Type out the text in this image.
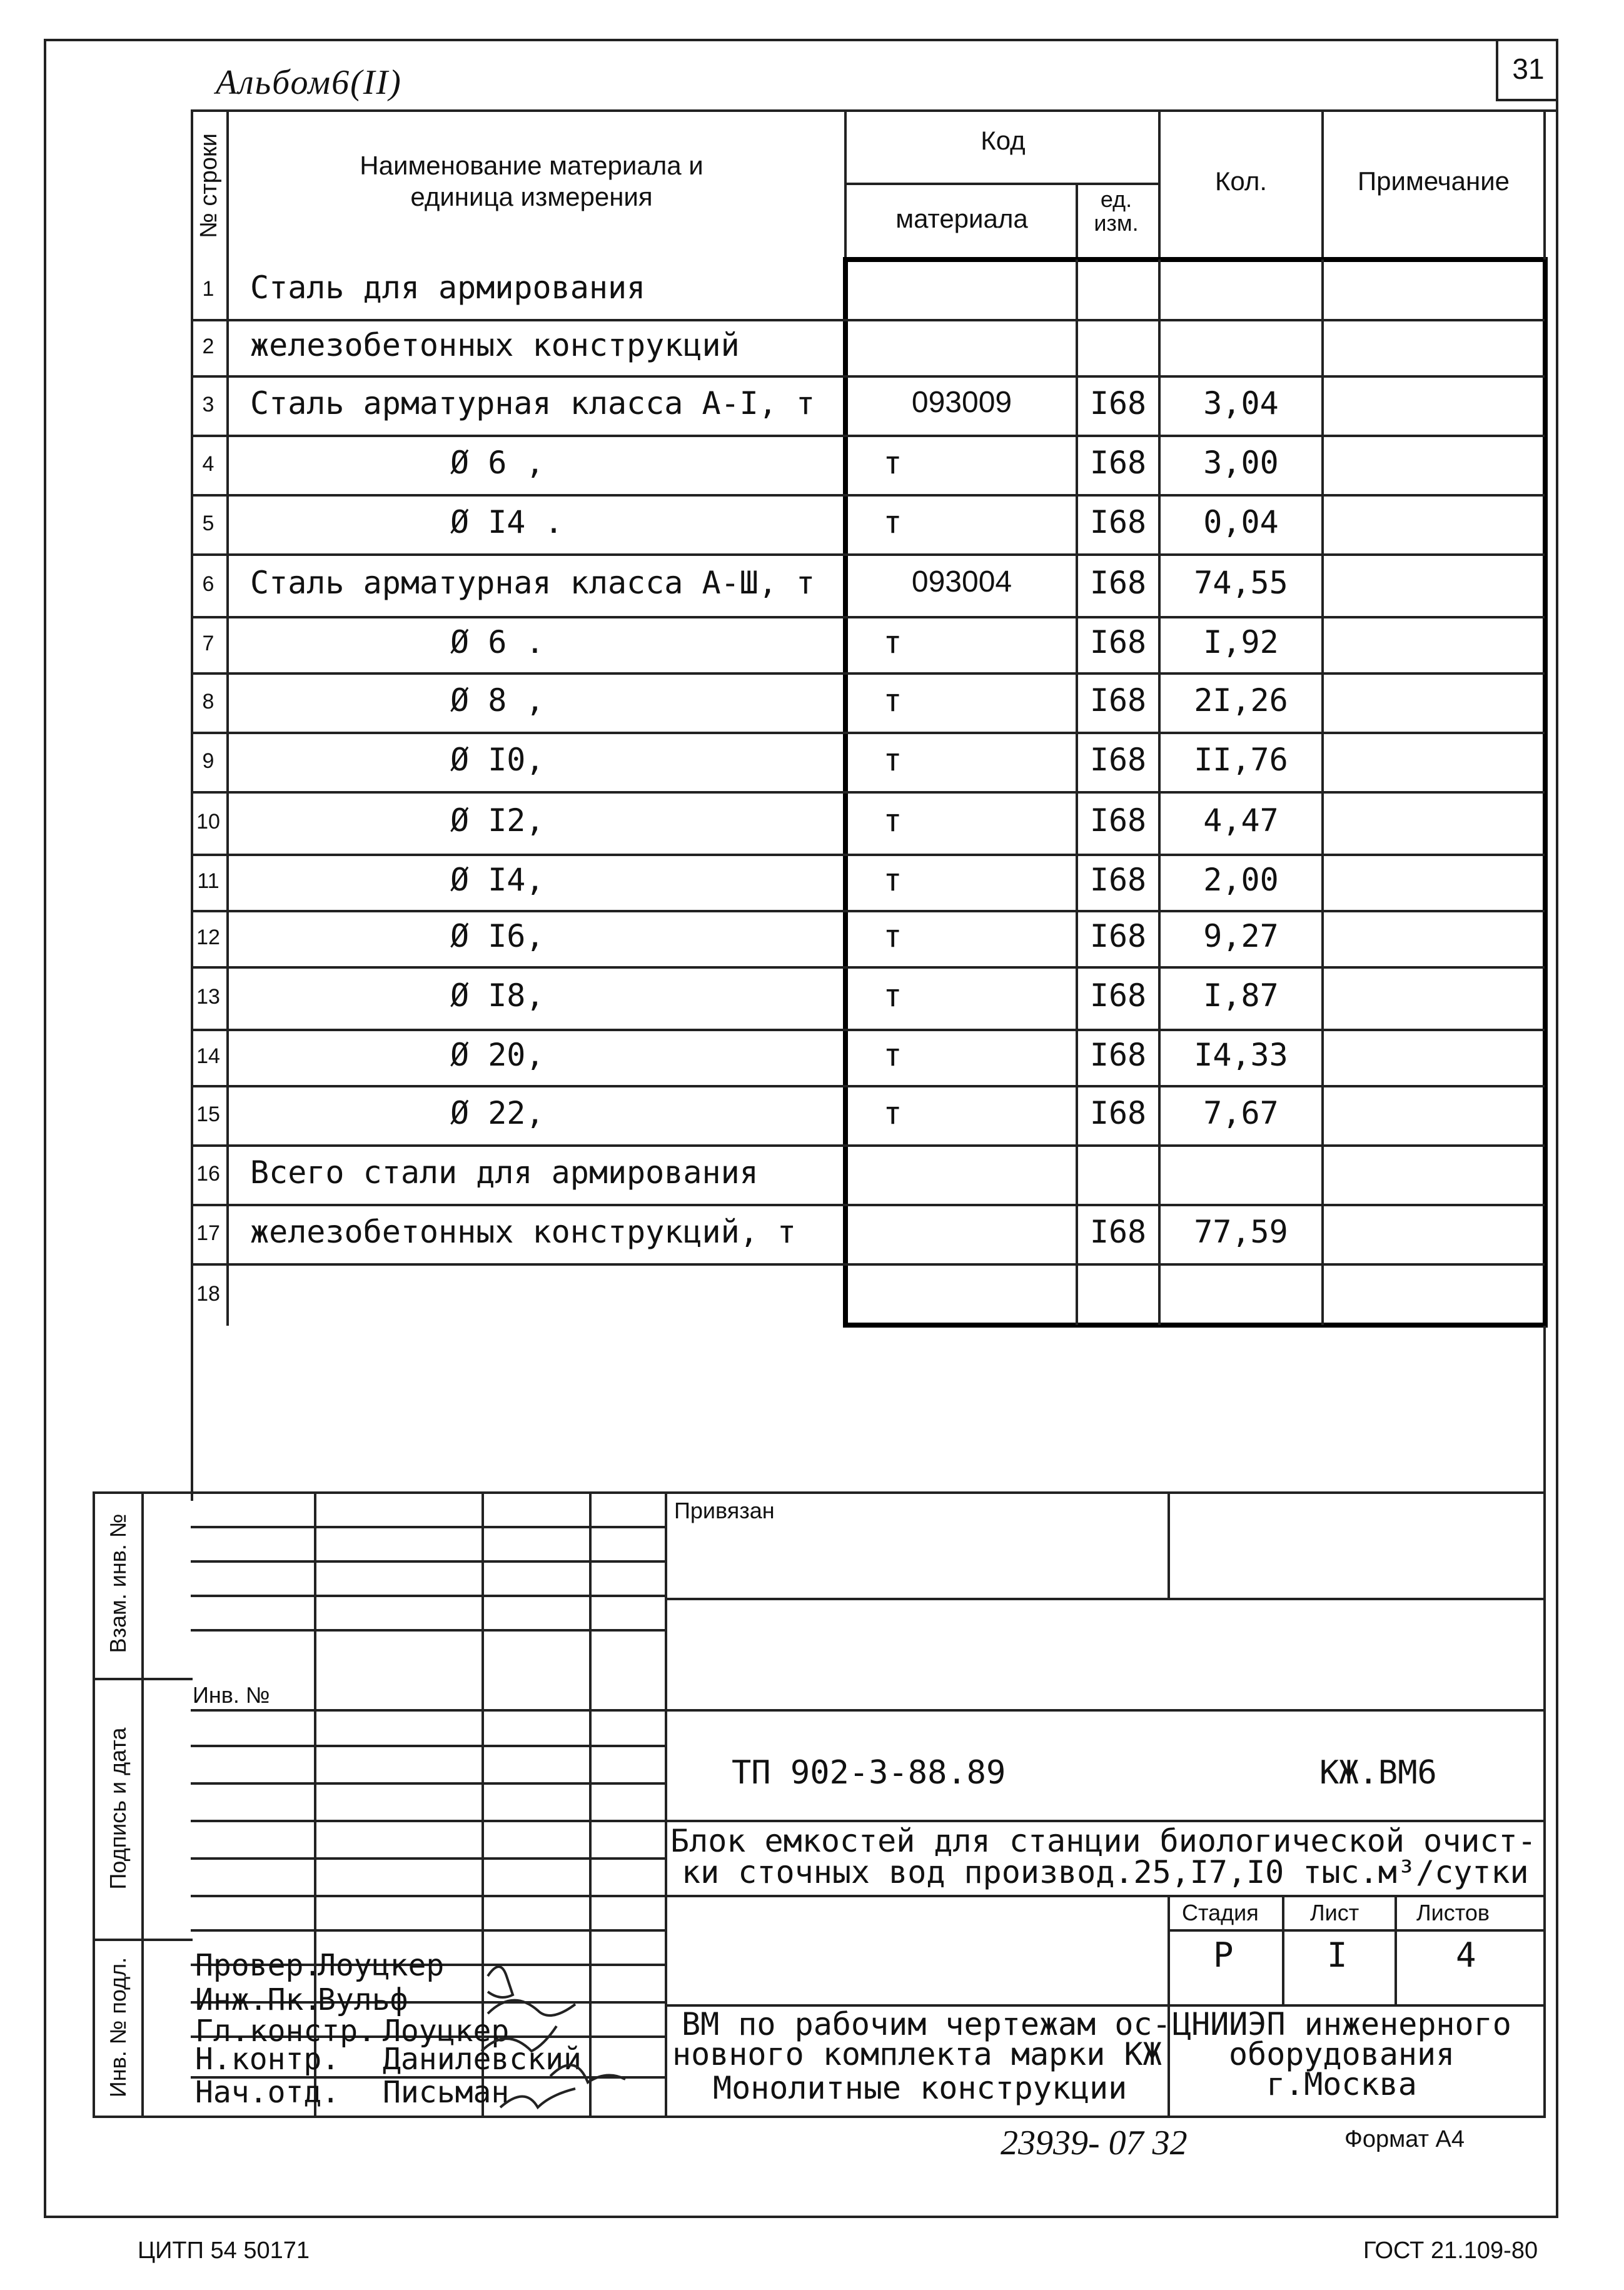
31
Альбом6(II)
№ строки	Наименование материала и единица измерения
Код
материала
ед. изм.
Кол.	Примечание
1	Сталь для армирования
2	железобетонных конструкций
3	Сталь арматурная класса А-I, т	093009	I68	3,04
4	Ø 6 ,                  т	I68	3,00
5	Ø I4 .                 т	I68	0,04
6	Сталь арматурная класса А-Ш, т	093004	I68	74,55
7	Ø 6 .                  т	I68	I,92
8	Ø 8 ,                  т	I68	2I,26
9	Ø I0,                  т	I68	II,76
10	Ø I2,                  т	I68	4,47
11	Ø I4,                  т	I68	2,00
12	Ø I6,                  т	I68	9,27
13	Ø I8,                  т	I68	I,87
14	Ø 20,                  т	I68	I4,33
15	Ø 22,                  т	I68	7,67
16 Всего стали для армирования
17 железобетонных конструкций, т	I68	77,59
18
Взам. инв. №
Подпись и дата
Инв. № подл.
Инв. №
Привязан
ТП 902-3-88.89	КЖ.ВМ6
Блок емкостей для станции биологической очист-
ки сточных вод производ.25,I7,I0 тыс.м³/сутки
Стадия Лист	Листов
Р	I	4
ВМ по рабочим чертежам ос-
новного комплекта марки КЖ
Монолитные конструкции
ЦНИИЭП инженерного
оборудования
г.Москва
Провер.
Лоуцкер
Инж.Пк.
Вульф
Гл.констр. Лоуцкер
Н.контр. Данилевский
Нач.отд. Письман
23939- 07 32	Формат А4
ЦИТП 54 50171	ГОСТ 21.109-80
